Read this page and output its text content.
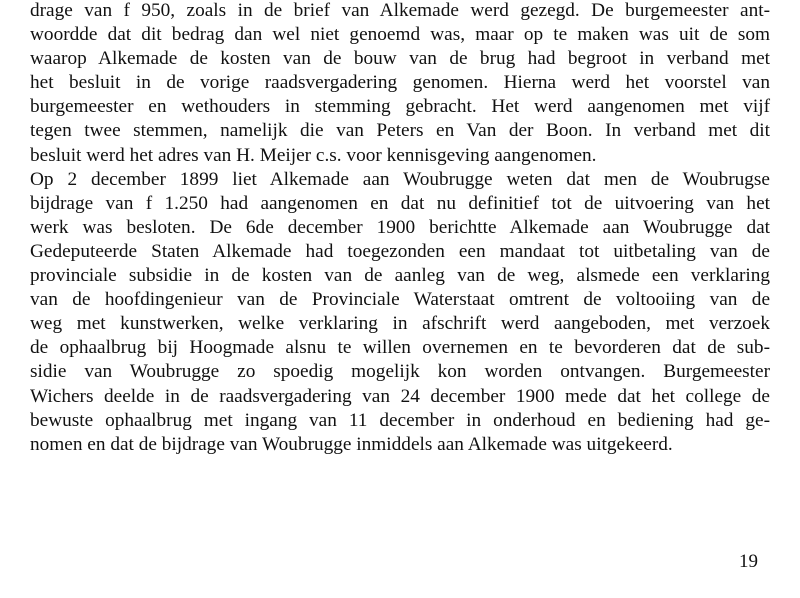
drage van f 950, zoals in de brief van Alkemade werd gezegd. De burgemeester ant-
woordde dat dit bedrag dan wel niet genoemd was, maar op te maken was uit de som
waarop Alkemade de kosten van de bouw van de brug had begroot in verband met
het besluit in de vorige raadsvergadering genomen. Hierna werd het voorstel van
burgemeester en wethouders in stemming gebracht. Het werd aangenomen met vijf
tegen twee stemmen, namelijk die van Peters en Van der Boon. In verband met dit
besluit werd het adres van H. Meijer c.s. voor kennisgeving aangenomen.
Op 2 december 1899 liet Alkemade aan Woubrugge weten dat men de Woubrugse
bijdrage van f 1.250 had aangenomen en dat nu definitief tot de uitvoering van het
werk was besloten. De 6de december 1900 berichtte Alkemade aan Woubrugge dat
Gedeputeerde Staten Alkemade had toegezonden een mandaat tot uitbetaling van de
provinciale subsidie in de kosten van de aanleg van de weg, alsmede een verklaring
van de hoofdingenieur van de Provinciale Waterstaat omtrent de voltooiing van de
weg met kunstwerken, welke verklaring in afschrift werd aangeboden, met verzoek
de ophaalbrug bij Hoogmade alsnu te willen overnemen en te bevorderen dat de sub-
sidie van Woubrugge zo spoedig mogelijk kon worden ontvangen. Burgemeester
Wichers deelde in de raadsvergadering van 24 december 1900 mede dat het college de
bewuste ophaalbrug met ingang van 11 december in onderhoud en bediening had ge-
nomen en dat de bijdrage van Woubrugge inmiddels aan Alkemade was uitgekeerd.
19
